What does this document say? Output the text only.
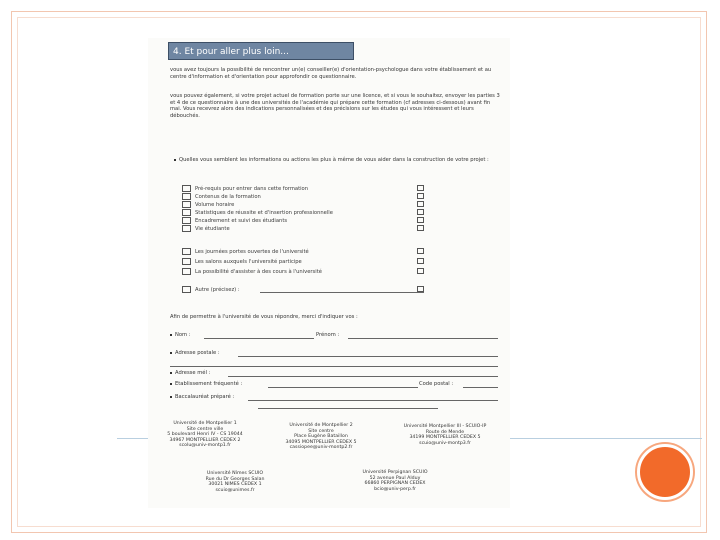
4. Et pour aller plus loin...
vous avez toujours la possibilité de rencontrer un(e) conseiller(e) d'orientation-psychologue dans votre établissement et au centre d'information et d'orientation pour approfondir ce questionnaire.
vous pouvez également, si votre projet actuel de formation porte sur une licence, et si vous le souhaitez, envoyer les parties 3 et 4 de ce questionnaire à une des universités de l'académie qui prépare cette formation (cf adresses ci-dessous) avant fin mai. Vous recevrez alors des indications personnalisées et des précisions sur les études qui vous intéressent et leurs débouchés.
Quelles vous semblent les informations ou actions les plus à même de vous aider dans la construction de votre projet :
Pré-requis pour entrer dans cette formation
Contenus de la formation
Volume horaire
Statistiques de réussite et d'insertion professionnelle
Encadrement et suivi des étudiants
Vie étudiante
Les journées portes ouvertes de l'université
Les salons auxquels l'université participe
La possibilité d'assister à des cours à l'université
Autre (précisez) :
Afin de permettre à l'université de vous répondre, merci d'indiquer vos :
Nom :	Prénom :
Adresse postale :
Adresse mél :
Etablissement fréquenté :	Code postal :
Baccalauréat préparé :
Université de Montpellier 1
Site centre ville
5 boulevard Henri IV - CS 19044
34967 MONTPELLIER CEDEX 2
scolu@univ-montp1.fr
Université de Montpellier 2
Site centre
Place Eugène Bataillon
34095 MONTPELLIER CEDEX 5
cassiopee@univ-montp2.fr
Université Montpellier III - SCUIO-IP
Route de Mende
34199 MONTPELLIER CEDEX 5
scuio@univ-montp3.fr
Université Nîmes SCUIO
Rue du Dr Georges Salan
30021 NIMES CEDEX 1
scuio@unimes.fr
Université Perpignan SCUIO
52 avenue Paul Alduy
66860 PERPIGNAN CEDEX
bcio@univ-perp.fr
